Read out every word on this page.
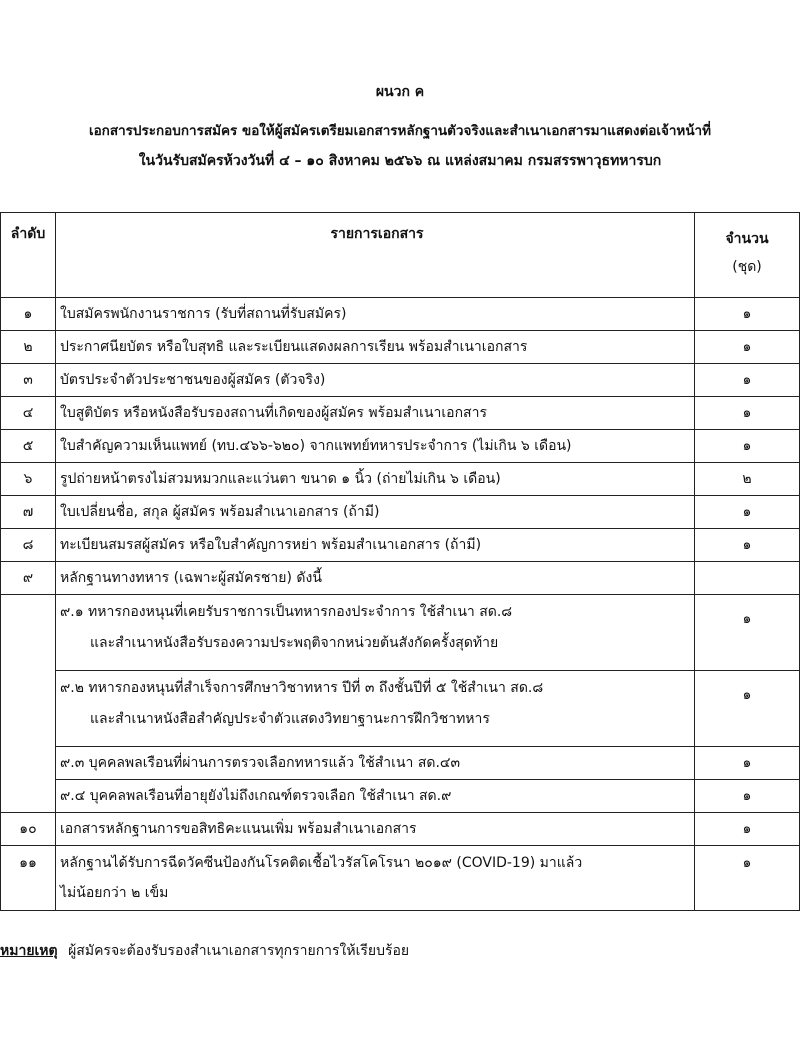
ผนวก ค
เอกสารประกอบการสมัคร ขอให้ผู้สมัครเตรียมเอกสารหลักฐานตัวจริงและสำเนาเอกสารมาแสดงต่อเจ้าหน้าที่
ในวันรับสมัครห้วงวันที่ ๔ – ๑๐ สิงหาคม ๒๕๖๖ ณ แหล่งสมาคม กรมสรรพาวุธทหารบก
ลำดับ	รายการเอกสาร	จำนวน
(ชุด)

๑	ใบสมัครพนักงานราชการ (รับที่สถานที่รับสมัคร)	๑
๒	ประกาศนียบัตร หรือใบสุทธิ และระเบียนแสดงผลการเรียน พร้อมสำเนาเอกสาร	๑
๓	บัตรประจำตัวประชาชนของผู้สมัคร (ตัวจริง)	๑
๔	ใบสูติบัตร หรือหนังสือรับรองสถานที่เกิดของผู้สมัคร พร้อมสำเนาเอกสาร	๑
๕	ใบสำคัญความเห็นแพทย์ (ทบ.๔๖๖-๖๒๐) จากแพทย์ทหารประจำการ (ไม่เกิน ๖ เดือน)	๑
๖	รูปถ่ายหน้าตรงไม่สวมหมวกและแว่นตา ขนาด ๑ นิ้ว (ถ่ายไม่เกิน ๖ เดือน)	๒
๗	ใบเปลี่ยนชื่อ, สกุล ผู้สมัคร พร้อมสำเนาเอกสาร (ถ้ามี)	๑
๘	ทะเบียนสมรสผู้สมัคร หรือใบสำคัญการหย่า พร้อมสำเนาเอกสาร (ถ้ามี)	๑
๙	หลักฐานทางทหาร (เฉพาะผู้สมัครชาย) ดังนี้	

	๙.๑ ทหารกองหนุนที่เคยรับราชการเป็นทหารกองประจำการ ใช้สำเนา สด.๘
และสำเนาหนังสือรับรองความประพฤติจากหน่วยต้นสังกัดครั้งสุดท้าย	๑

	๙.๒ ทหารกองหนุนที่สำเร็จการศึกษาวิชาทหาร ปีที่ ๓ ถึงชั้นปีที่ ๕ ใช้สำเนา สด.๘
และสำเนาหนังสือสำคัญประจำตัวแสดงวิทยาฐานะการฝึกวิชาทหาร	๑
	๙.๓ บุคคลพลเรือนที่ผ่านการตรวจเลือกทหารแล้ว ใช้สำเนา สด.๔๓	๑
	๙.๔ บุคคลพลเรือนที่อายุยังไม่ถึงเกณฑ์ตรวจเลือก ใช้สำเนา สด.๙	๑
๑๐	เอกสารหลักฐานการขอสิทธิคะแนนเพิ่ม พร้อมสำเนาเอกสาร	๑
๑๑	หลักฐานได้รับการฉีดวัคซีนป้องกันโรคติดเชื้อไวรัสโคโรนา ๒๐๑๙ (COVID-19) มาแล้ว
ไม่น้อยกว่า ๒ เข็ม	๑
หมายเหตุ ผู้สมัครจะต้องรับรองสำเนาเอกสารทุกรายการให้เรียบร้อย
